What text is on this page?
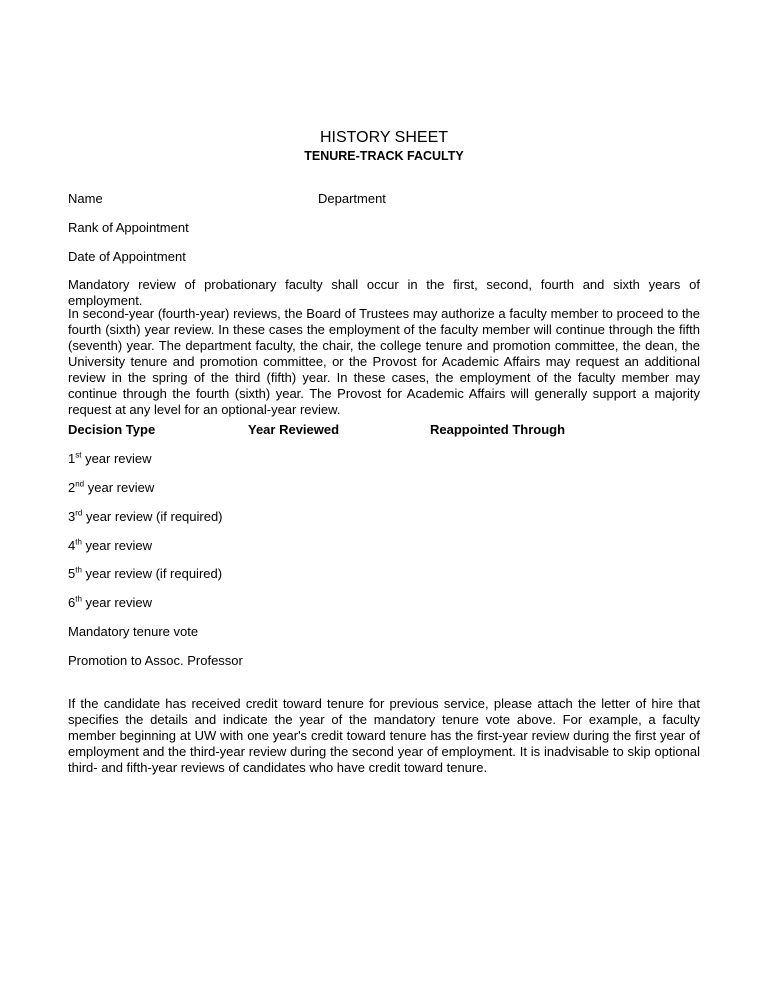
HISTORY SHEET
TENURE-TRACK FACULTY
Name	Department
Rank of Appointment
Date of Appointment
Mandatory review of probationary faculty shall occur in the first, second, fourth and sixth years of employment.
In second-year (fourth-year) reviews, the Board of Trustees may authorize a faculty member to proceed to the fourth (sixth) year review. In these cases the employment of the faculty member will continue through the fifth (seventh) year. The department faculty, the chair, the college tenure and promotion committee, the dean, the University tenure and promotion committee, or the Provost for Academic Affairs may request an additional review in the spring of the third (fifth) year. In these cases, the employment of the faculty member may continue through the fourth (sixth) year. The Provost for Academic Affairs will generally support a majority request at any level for an optional-year review.
Decision Type	Year Reviewed	Reappointed Through
1st year review
2nd year review
3rd year review (if required)
4th year review
5th year review (if required)
6th year review
Mandatory tenure vote
Promotion to Assoc. Professor
If the candidate has received credit toward tenure for previous service, please attach the letter of hire that specifies the details and indicate the year of the mandatory tenure vote above. For example, a faculty member beginning at UW with one year's credit toward tenure has the first-year review during the first year of employment and the third-year review during the second year of employment. It is inadvisable to skip optional third- and fifth-year reviews of candidates who have credit toward tenure.
